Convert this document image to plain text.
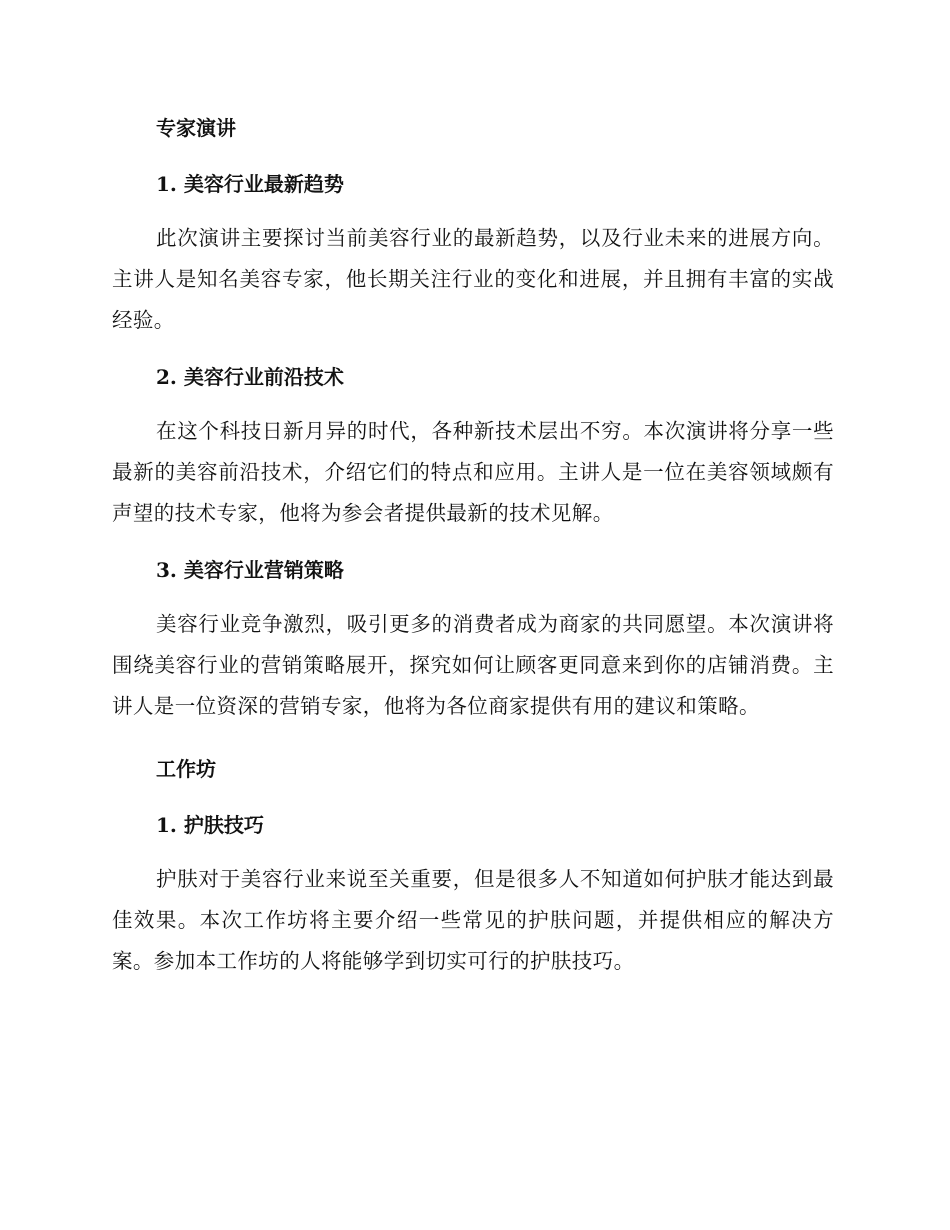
专家演讲
1. 美容行业最新趋势

此次演讲主要探讨当前美容行业的最新趋势，以及行业未来的进展方向。主讲人是知名美容专家，他长期关注行业的变化和进展，并且拥有丰富的实战经验。

2. 美容行业前沿技术

在这个科技日新月异的时代，各种新技术层出不穷。本次演讲将分享一些最新的美容前沿技术，介绍它们的特点和应用。主讲人是一位在美容领域颇有声望的技术专家，他将为参会者提供最新的技术见解。

3. 美容行业营销策略

美容行业竞争激烈，吸引更多的消费者成为商家的共同愿望。本次演讲将围绕美容行业的营销策略展开，探究如何让顾客更同意来到你的店铺消费。主讲人是一位资深的营销专家，他将为各位商家提供有用的建议和策略。

工作坊
1. 护肤技巧

护肤对于美容行业来说至关重要，但是很多人不知道如何护肤才能达到最佳效果。本次工作坊将主要介绍一些常见的护肤问题，并提供相应的解决方案。参加本工作坊的人将能够学到切实可行的护肤技巧。
